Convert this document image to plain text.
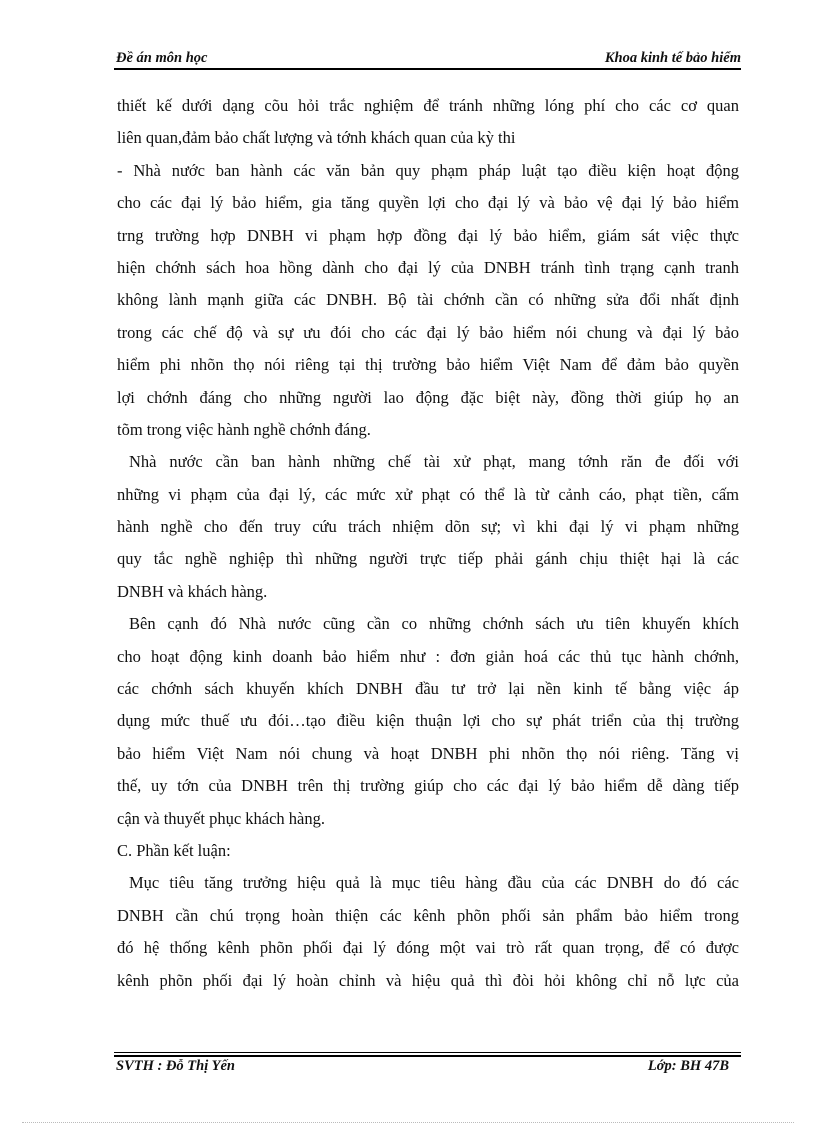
Đề án môn học	Khoa kinh tế bảo hiểm
thiết kế dưới dạng cõu hỏi trắc nghiệm để tránh những lóng phí cho các cơ quan
liên quan,đảm bảo chất lượng và tớnh khách quan của kỳ thi
- Nhà nước ban hành các văn bản quy phạm pháp luật tạo điều kiện hoạt động
cho các đại lý bảo hiểm, gia tăng quyền lợi cho đại lý và bảo vệ đại lý bảo hiểm
trng trường hợp DNBH vi phạm hợp đồng đại lý bảo hiểm, giám sát việc thực
hiện chớnh sách hoa hồng dành cho đại lý của DNBH tránh tình trạng cạnh tranh
không lành mạnh giữa các DNBH. Bộ tài chớnh cần có những sửa đổi nhất định
trong các chế độ và sự ưu đói cho các đại lý bảo hiểm nói chung và đại lý bảo
hiểm phi nhõn thọ nói riêng tại thị trường bảo hiểm Việt Nam để đảm bảo quyền
lợi chớnh đáng cho những người lao động đặc biệt này, đồng thời giúp họ an
tõm trong việc hành nghề chớnh đáng.
Nhà nước cần ban hành những chế tài xử phạt, mang tớnh răn đe đối với
những vi phạm của đại lý, các mức xử phạt có thể là từ cảnh cáo, phạt tiền, cấm
hành nghề cho đến truy cứu trách nhiệm dõn sự; vì khi đại lý vi phạm những
quy tắc nghề nghiệp thì những người trực tiếp phải gánh chịu thiệt hại là các
DNBH và khách hàng.
Bên cạnh đó Nhà nước cũng cần co những chớnh sách ưu tiên khuyến khích
cho hoạt động kinh doanh bảo hiểm như : đơn giản hoá các thủ tục hành chớnh,
các chớnh sách khuyến khích DNBH đầu tư trở lại nền kinh tế bằng việc áp
dụng mức thuế ưu đói…tạo điều kiện thuận lợi cho sự phát triển của thị trường
bảo hiểm Việt Nam nói chung và hoạt DNBH phi nhõn thọ nói riêng. Tăng vị
thế, uy tớn của DNBH trên thị trường giúp cho các đại lý bảo hiểm dễ dàng tiếp
cận và thuyết phục khách hàng.
C. Phần kết luận:
Mục tiêu tăng trưởng hiệu quả là mục tiêu hàng đầu của các DNBH do đó các
DNBH cần chú trọng hoàn thiện các kênh phõn phối sản phẩm bảo hiểm trong
đó hệ thống kênh phõn phối đại lý đóng một vai trò rất quan trọng, để có được
kênh phõn phối đại lý hoàn chỉnh và hiệu quả thì đòi hỏi không chỉ nỗ lực của
SVTH : Đỗ Thị Yến	Lớp: BH 47B
